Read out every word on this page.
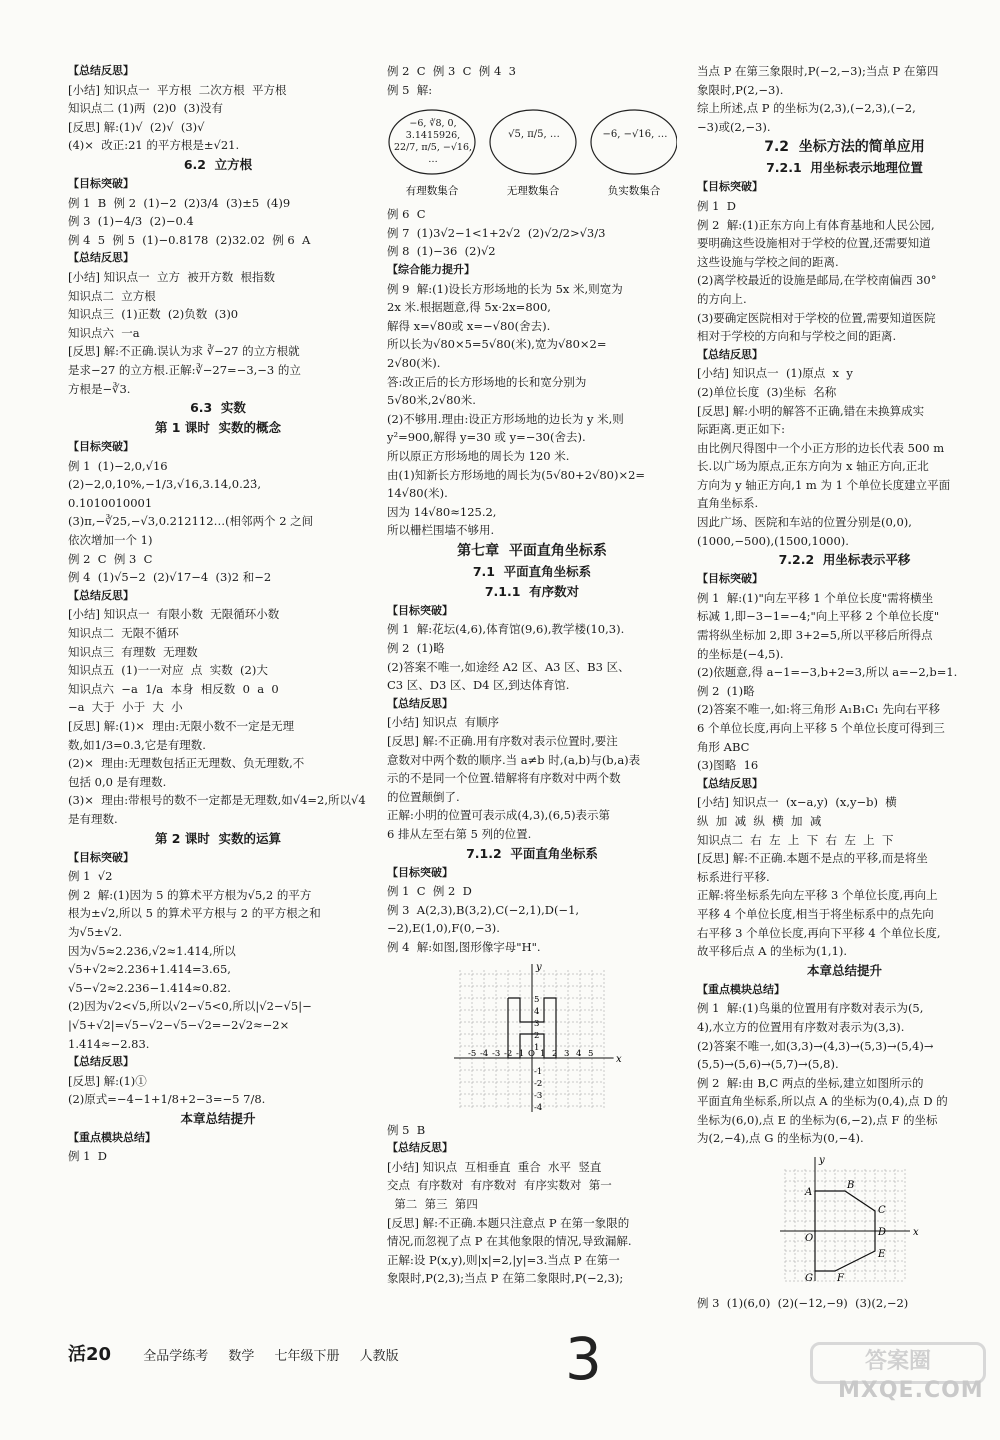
【总结反思】
[小结] 知识点一  平方根  二次方根  平方根
知识点二 (1)两  (2)0  (3)没有
[反思] 解:(1)√  (2)√  (3)√
(4)×  改正:21 的平方根是±√21.
6.2  立方根
【目标突破】
例 1  B  例 2  (1)−2  (2)3/4  (3)±5  (4)9
例 3  (1)−4/3  (2)−0.4
例 4  5  例 5  (1)−0.8178  (2)32.02  例 6  A
【总结反思】
[小结] 知识点一  立方  被开方数  根指数
知识点二  立方根
知识点三  (1)正数  (2)负数  (3)0
知识点六  一a
[反思] 解:不正确.误认为求 ∛−27 的立方根就
是求−27 的立方根.正解:∛−27=−3,−3 的立
方根是−∛3.
6.3  实数
第 1 课时  实数的概念
【目标突破】
例 1  (1)−2,0,√16
(2)−2,0,10%,−1/3,√16,3.14,0.2̇3̇,
0.1010010001
(3)π,−∛25,−√3,0.212112…(相邻两个 2 之间
依次增加一个 1)
例 2  C  例 3  C
例 4  (1)√5−2  (2)√17−4  (3)2 和−2
【总结反思】
[小结] 知识点一  有限小数  无限循环小数
知识点二  无限不循环
知识点三  有理数  无理数
知识点五  (1)一一对应  点  实数  (2)大
知识点六  −a  1/a  本身  相反数  0  a  0
−a  大于  小于  大  小
[反思] 解:(1)×  理由:无限小数不一定是无理
数,如1/3=0.3̇,它是有理数.
(2)×  理由:无理数包括正无理数、负无理数,不
包括 0,0 是有理数.
(3)×  理由:带根号的数不一定都是无理数,如√4=2,所以√4是有理数.
第 2 课时  实数的运算
【目标突破】
例 1  √2
例 2  解:(1)因为 5 的算术平方根为√5,2 的平方
根为±√2,所以 5 的算术平方根与 2 的平方根之和
为√5±√2.
因为√5≈2.236,√2≈1.414,所以
√5+√2≈2.236+1.414=3.65,
√5−√2≈2.236−1.414≈0.82.
(2)因为√2<√5,所以√2−√5<0,所以|√2−√5|−
|√5+√2|=√5−√2−√5−√2=−2√2≈−2×
1.414≈−2.83.
【总结反思】
[反思] 解:(1)①
(2)原式=−4−1+1/8+2−3=−5 7/8.
本章总结提升
【重点模块总结】
例 1  D
例 2  C  例 3  C  例 4  3
例 5  解:
−6, ∛8, 0, 3.1415926, 22/7, π/5, −√16, …
√5, π/5, …	−6, −√16, …
有理数集合	无理数集合	负实数集合
例 6  C
例 7  (1)3√2−1<1+2√2  (2)√2/2>√3/3
例 8  (1)−36  (2)√2
【综合能力提升】
例 9  解:(1)设长方形场地的长为 5x 米,则宽为
2x 米.根据题意,得 5x·2x=800,
解得 x=√80或 x=−√80(舍去).
所以长为√80×5=5√80(米),宽为√80×2=
2√80(米).
答:改正后的长方形场地的长和宽分别为
5√80米,2√80米.
(2)不够用.理由:设正方形场地的边长为 y 米,则
y²=900,解得 y=30 或 y=−30(舍去).
所以原正方形场地的周长为 120 米.
由(1)知新长方形场地的周长为(5√80+2√80)×2=
14√80(米).
因为 14√80≈125.2,
所以栅栏围墙不够用.
第七章  平面直角坐标系
7.1  平面直角坐标系
7.1.1  有序数对
【目标突破】
例 1  解:花坛(4,6),体育馆(9,6),教学楼(10,3).
例 2  (1)略
(2)答案不唯一,如途经 A2 区、A3 区、B3 区、
C3 区、D3 区、D4 区,到达体育馆.
【总结反思】
[小结] 知识点  有顺序
[反思] 解:不正确.用有序数对表示位置时,要注
意数对中两个数的顺序.当 a≠b 时,(a,b)与(b,a)表
示的不是同一个位置.错解将有序数对中两个数
的位置颠倒了.
正解:小明的位置可表示成(4,3),(6,5)表示第
6 排从左至右第 5 列的位置.
7.1.2  平面直角坐标系
【目标突破】
例 1  C  例 2  D
例 3  A(2,3),B(3,2),C(−2,1),D(−1,
−2),E(1,0),F(0,−3).
例 4  解:如图,图形像字母"H".
x
y
-5 -4 -3 -2 -1 O 1 2 3 4 5
5
4
3
2
1
-1
-2
-3
-4
例 5  B
【总结反思】
[小结] 知识点  互相垂直  重合  水平  竖直
交点  有序数对  有序数对  有序实数对  第一
第二  第三  第四
[反思] 解:不正确.本题只注意点 P 在第一象限的
情况,而忽视了点 P 在其他象限的情况,导致漏解.
正解:设 P(x,y),则|x|=2,|y|=3.当点 P 在第一
象限时,P(2,3);当点 P 在第二象限时,P(−2,3);
当点 P 在第三象限时,P(−2,−3);当点 P 在第四
象限时,P(2,−3).
综上所述,点 P 的坐标为(2,3),(−2,3),(−2,
−3)或(2,−3).
7.2  坐标方法的简单应用
7.2.1  用坐标表示地理位置
【目标突破】
例 1  D
例 2  解:(1)正东方向上有体育基地和人民公园,
要明确这些设施相对于学校的位置,还需要知道
这些设施与学校之间的距离.
(2)离学校最近的设施是邮局,在学校南偏西 30°
的方向上.
(3)要确定医院相对于学校的位置,需要知道医院
相对于学校的方向和与学校之间的距离.
【总结反思】
[小结] 知识点一  (1)原点  x  y
(2)单位长度  (3)坐标  名称
[反思] 解:小明的解答不正确,错在未换算成实
际距离.更正如下:
由比例尺得图中一个小正方形的边长代表 500 m
长.以广场为原点,正东方向为 x 轴正方向,正北
方向为 y 轴正方向,1 m 为 1 个单位长度建立平面
直角坐标系.
因此广场、医院和车站的位置分别是(0,0),
(1000,−500),(1500,1000).
7.2.2  用坐标表示平移
【目标突破】
例 1  解:(1)"向左平移 1 个单位长度"需将横坐
标减 1,即−3−1=−4;"向上平移 2 个单位长度"
需将纵坐标加 2,即 3+2=5,所以平移后所得点
的坐标是(−4,5).
(2)依题意,得 a−1=−3,b+2=3,所以 a=−2,b=1.
例 2  (1)略
(2)答案不唯一,如:将三角形 A₁B₁C₁ 先向右平移
6 个单位长度,再向上平移 5 个单位长度可得到三
角形 ABC
(3)图略  16
【总结反思】
[小结] 知识点一  (x−a,y)  (x,y−b)  横
纵  加  减  纵  横  加  减
知识点二  右  左  上  下  右  左  上  下
[反思] 解:不正确.本题不是点的平移,而是将坐
标系进行平移.
正解:将坐标系先向左平移 3 个单位长度,再向上
平移 4 个单位长度,相当于将坐标系中的点先向
右平移 3 个单位长度,再向下平移 4 个单位长度,
故平移后点 A 的坐标为(1,1).
本章总结提升
【重点模块总结】
例 1  解:(1)鸟巢的位置用有序数对表示为(5,
4),水立方的位置用有序数对表示为(3,3).
(2)答案不唯一,如(3,3)→(4,3)→(5,3)→(5,4)→
(5,5)→(5,6)→(5,7)→(5,8).
例 2  解:由 B,C 两点的坐标,建立如图所示的
平面直角坐标系,所以点 A 的坐标为(0,4),点 D 的
坐标为(6,0),点 E 的坐标为(6,−2),点 F 的坐标
为(2,−4),点 G 的坐标为(0,−4).
x
y
A
B
C
D
E
F
G
O
例 3  (1)(6,0)  (2)(−12,−9)  (3)(2,−2)
活20 全品学练考 数学 七年级下册 人教版	3	答案圈
MXQE.COM
